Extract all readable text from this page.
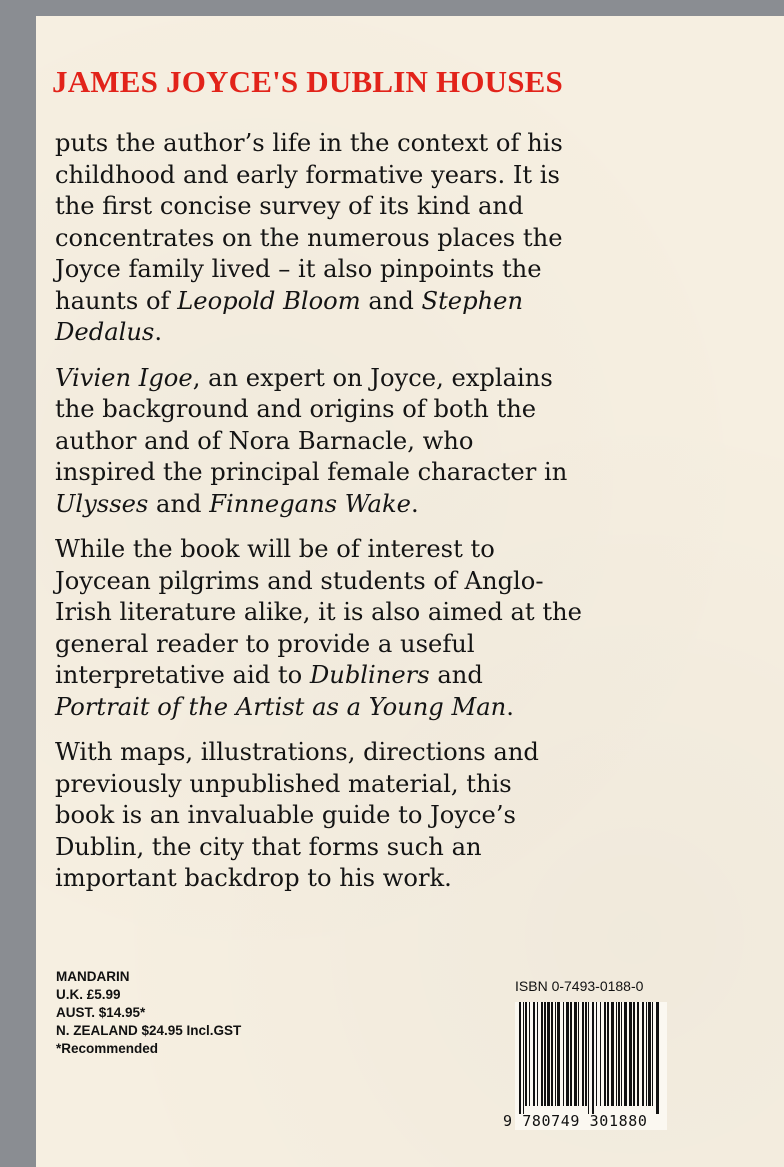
JAMES JOYCE'S DUBLIN HOUSES

puts the author’s life in the context of his
childhood and early formative years. It is
the first concise survey of its kind and
concentrates on the numerous places the
Joyce family lived – it also pinpoints the
haunts of Leopold Bloom and Stephen
Dedalus.

Vivien Igoe, an expert on Joyce, explains
the background and origins of both the
author and of Nora Barnacle, who
inspired the principal female character in
Ulysses and Finnegans Wake.

While the book will be of interest to
Joycean pilgrims and students of Anglo-
Irish literature alike, it is also aimed at the
general reader to provide a useful
interpretative aid to Dubliners and
Portrait of the Artist as a Young Man.

With maps, illustrations, directions and
previously unpublished material, this
book is an invaluable guide to Joyce’s
Dublin, the city that forms such an
important backdrop to his work.

MANDARIN
U.K. £5.99
AUST. $14.95*
N. ZEALAND $24.95 Incl.GST
*Recommended
ISBN 0-7493-0188-0
9 780749 301880
